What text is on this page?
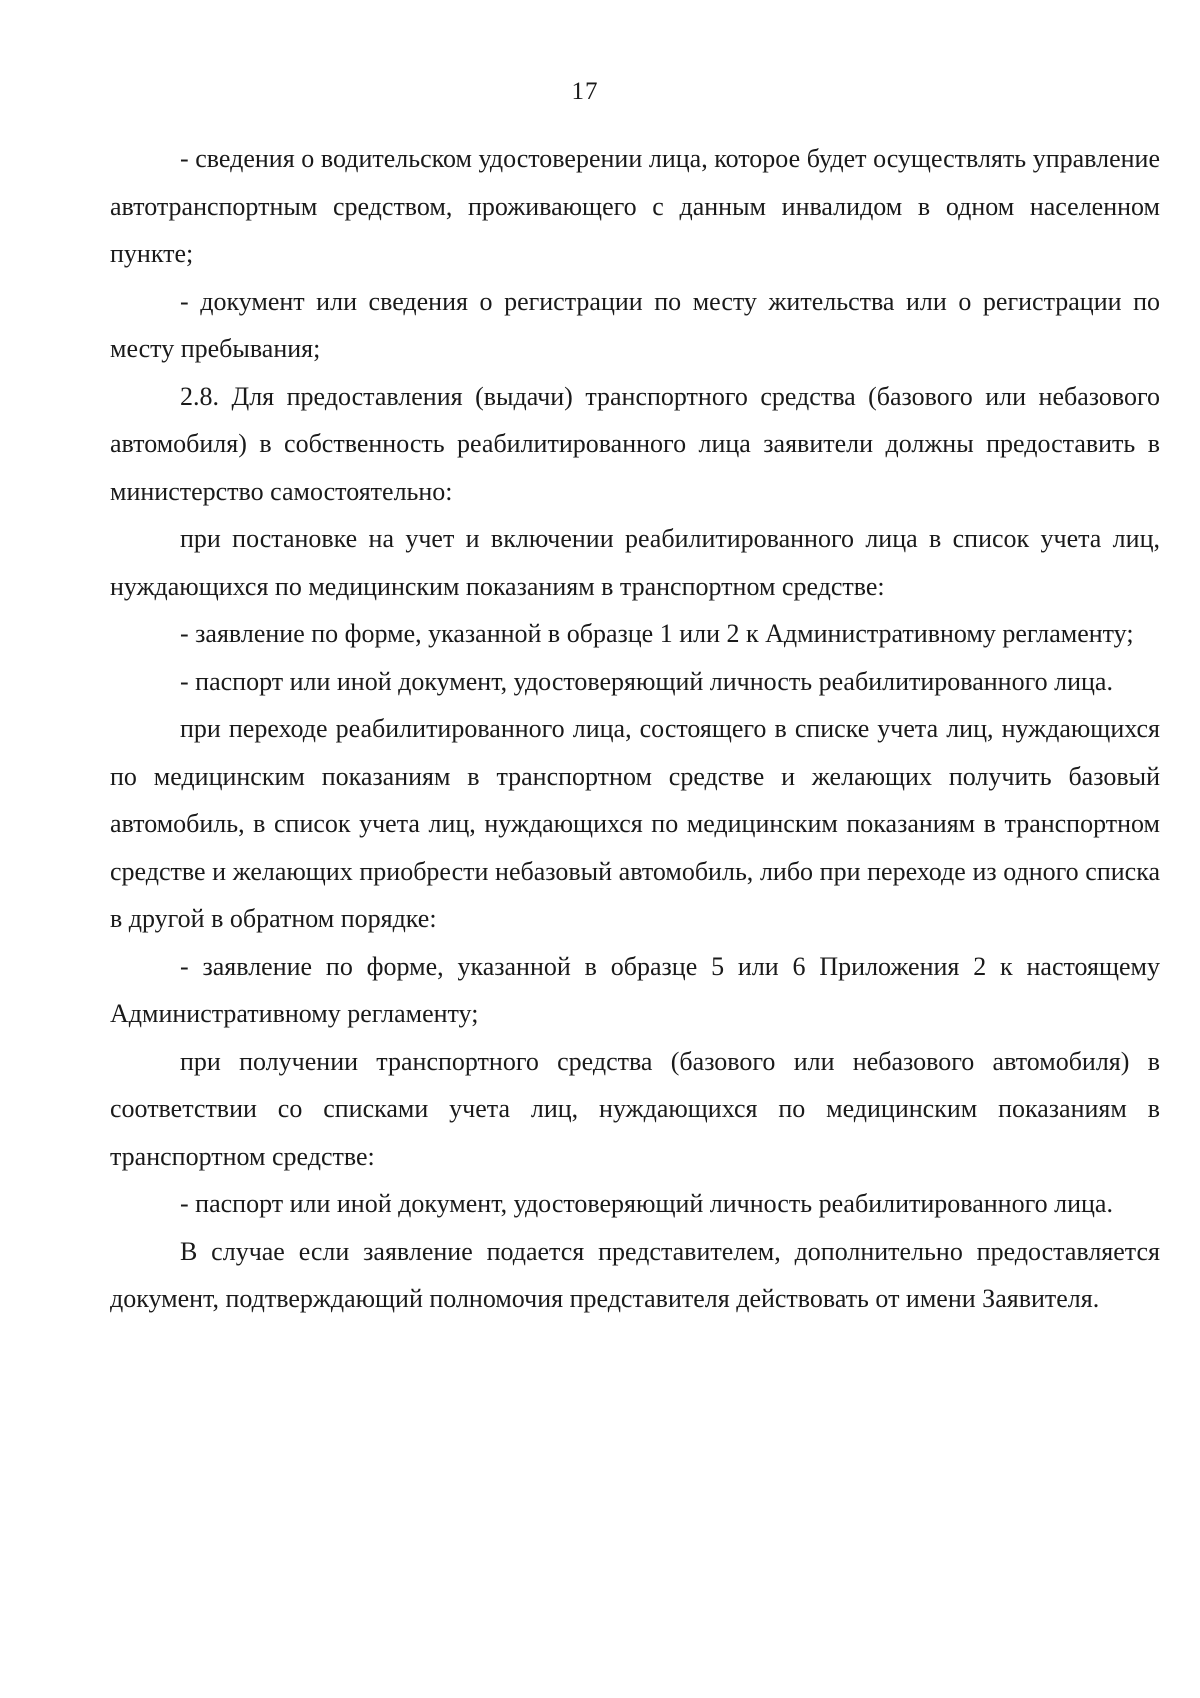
17

- сведения о водительском удостоверении лица, которое будет осуществлять управление автотранспортным средством, проживающего с данным инвалидом в одном населенном пункте;

- документ или сведения о регистрации по месту жительства или о регистрации по месту пребывания;

2.8. Для предоставления (выдачи) транспортного средства (базового или небазового автомобиля) в собственность реабилитированного лица заявители должны предоставить в министерство самостоятельно:

при постановке на учет и включении реабилитированного лица в список учета лиц, нуждающихся по медицинским показаниям в транспортном средстве:

- заявление по форме, указанной в образце 1 или 2 к Административному регламенту;

- паспорт или иной документ, удостоверяющий личность реабилитированного лица.

при переходе реабилитированного лица, состоящего в списке учета лиц, нуждающихся по медицинским показаниям в транспортном средстве и желающих получить базовый автомобиль, в список учета лиц, нуждающихся по медицинским показаниям в транспортном средстве и желающих приобрести небазовый автомобиль, либо при переходе из одного списка в другой в обратном порядке:

- заявление по форме, указанной в образце 5 или 6 Приложения 2 к настоящему Административному регламенту;

при получении транспортного средства (базового или небазового автомобиля) в соответствии со списками учета лиц, нуждающихся по медицинским показаниям в транспортном средстве:

- паспорт или иной документ, удостоверяющий личность реабилитированного лица.

В случае если заявление подается представителем, дополнительно предоставляется документ, подтверждающий полномочия представителя действовать от имени Заявителя.
